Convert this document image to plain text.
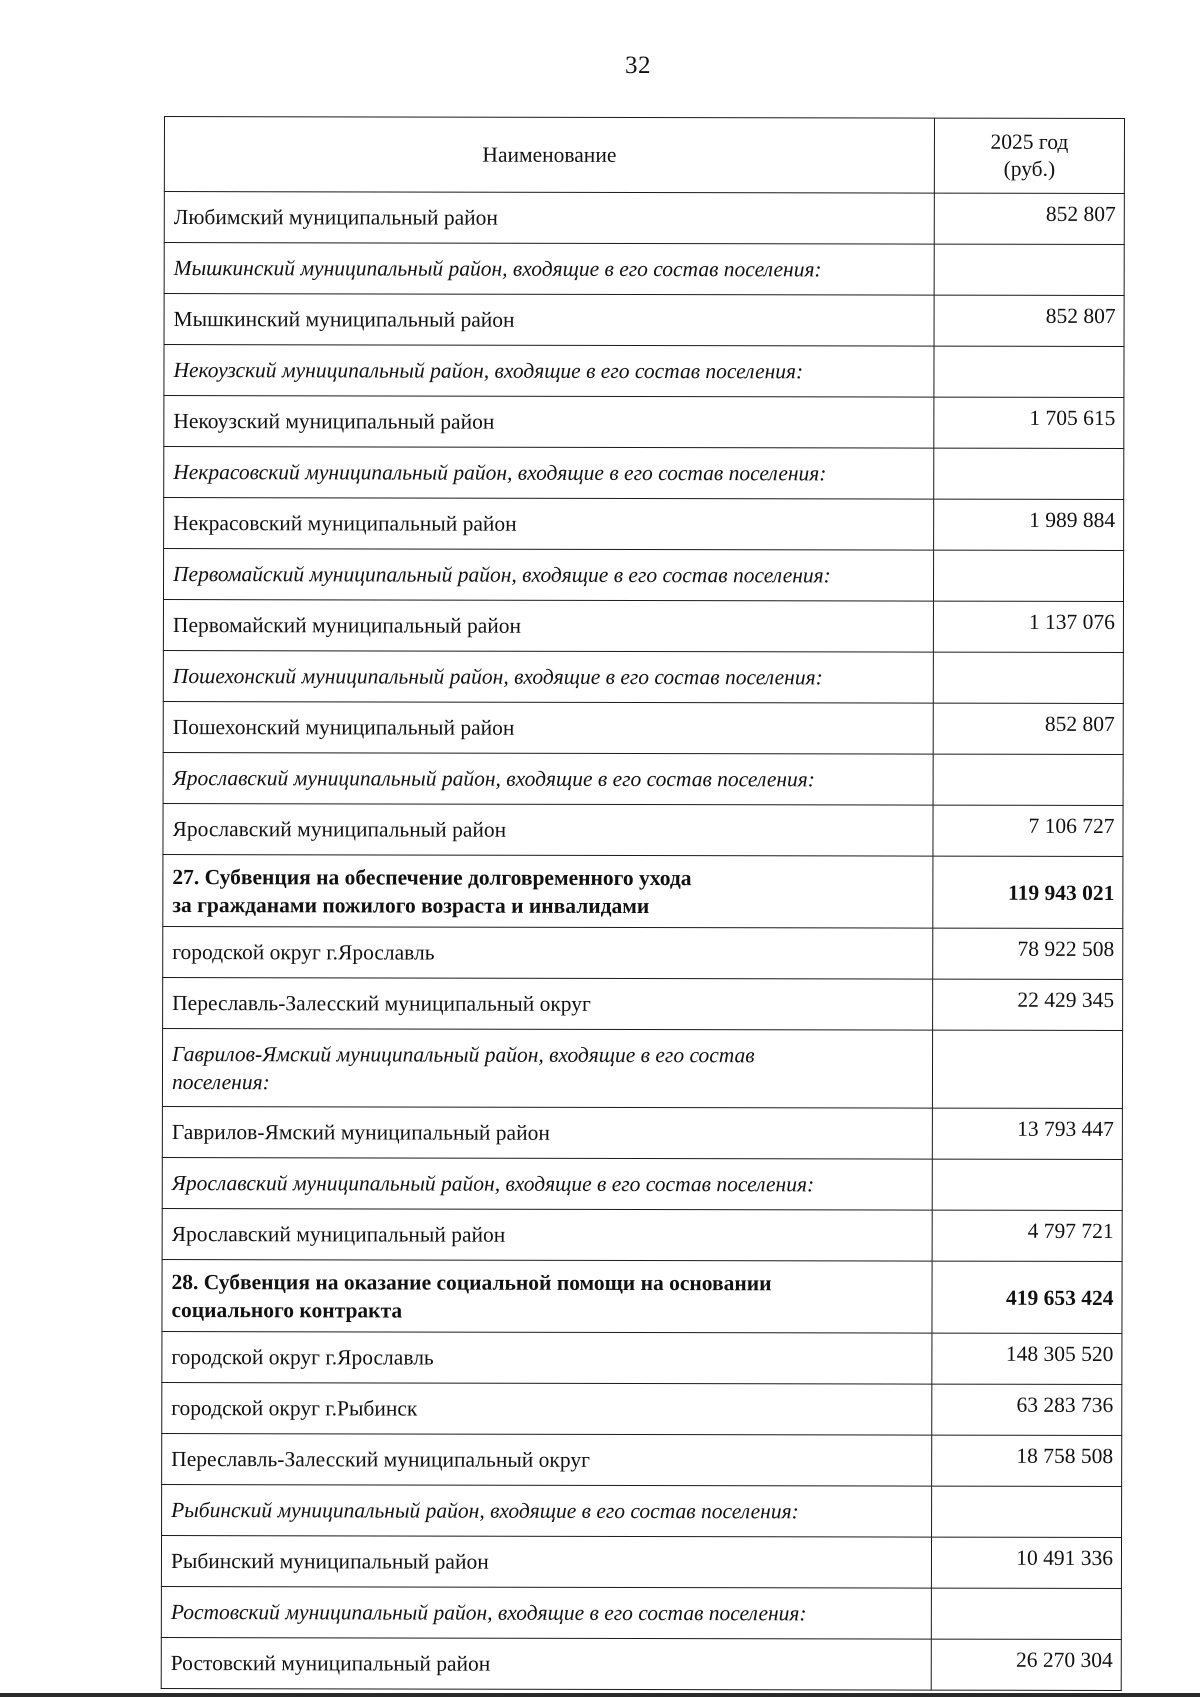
32
Наименование	2025 год
(руб.)
Любимский муниципальный район	852 807
Мышкинский муниципальный район, входящие в его состав поселения:	
Мышкинский муниципальный район	852 807
Некоузский муниципальный район, входящие в его состав поселения:	
Некоузский муниципальный район	1 705 615
Некрасовский муниципальный район, входящие в его состав поселения:	
Некрасовский муниципальный район	1 989 884
Первомайский муниципальный район, входящие в его состав поселения:	
Первомайский муниципальный район	1 137 076
Пошехонский муниципальный район, входящие в его состав поселения:	
Пошехонский муниципальный район	852 807
Ярославский муниципальный район, входящие в его состав поселения:	
Ярославский муниципальный район	7 106 727
27. Субвенция на обеспечение долговременного ухода
за гражданами пожилого возраста и инвалидами	119 943 021
городской округ г.Ярославль	78 922 508
Переславль-Залесский муниципальный округ	22 429 345
Гаврилов-Ямский муниципальный район, входящие в его состав
поселения:	
Гаврилов-Ямский муниципальный район	13 793 447
Ярославский муниципальный район, входящие в его состав поселения:	
Ярославский муниципальный район	4 797 721
28. Субвенция на оказание социальной помощи на основании
социального контракта	419 653 424
городской округ г.Ярославль	148 305 520
городской округ г.Рыбинск	63 283 736
Переславль-Залесский муниципальный округ	18 758 508
Рыбинский муниципальный район, входящие в его состав поселения:	
Рыбинский муниципальный район	10 491 336
Ростовский муниципальный район, входящие в его состав поселения:	
Ростовский муниципальный район	26 270 304
